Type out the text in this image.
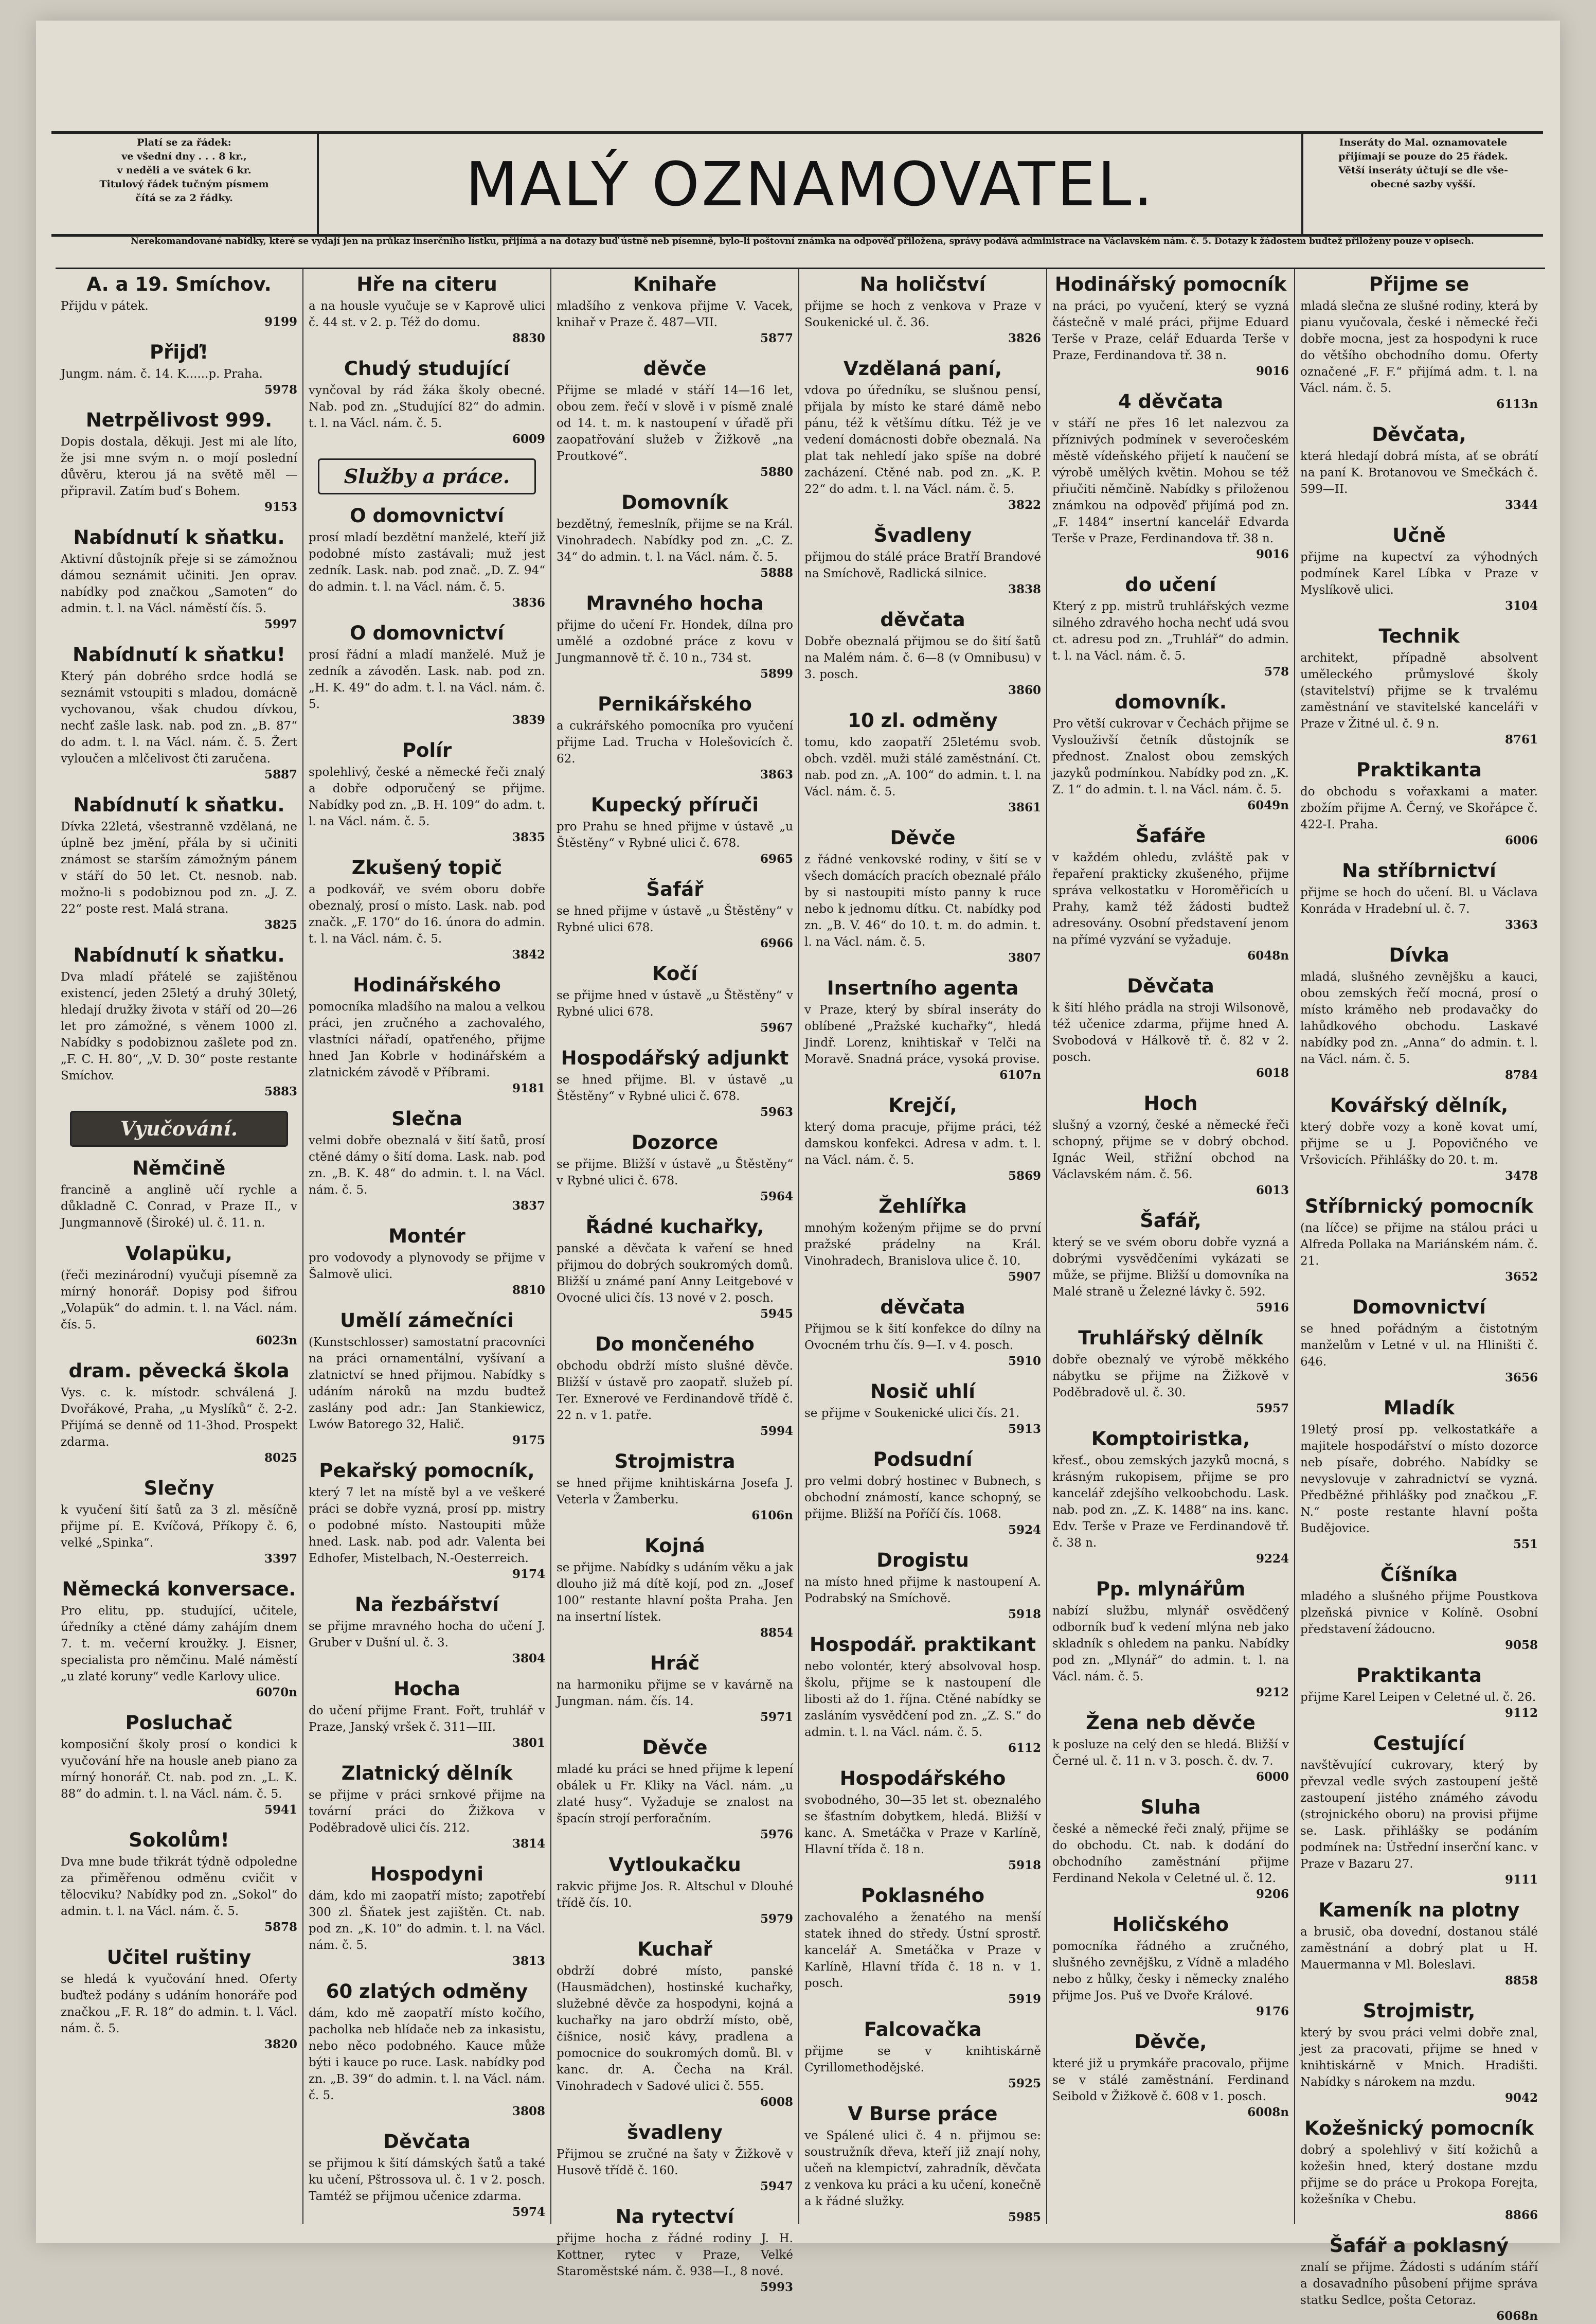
Platí se za řádek:
ve všední dny . . . 8 kr.,
v neděli a ve svátek 6 kr.
Titulový řádek tučným písmem
čítá se za 2 řádky.	MALÝ OZNAMOVATEL.
Inseráty do Mal. oznamovatele
přijímají se pouze do 25 řádek.
Větší inseráty účtují se dle vše-
obecné sazby vyšší.
Nerekomandované nabídky, které se vydají jen na průkaz inserčního lístku, přijímá a na dotazy buď ústně neb písemně, bylo-li poštovní známka na odpověď přiložena, správy podává administrace na Václavském nám. č. 5. Dotazy k žádostem budtež přiloženy pouze v opisech.
A. a 19. Smíchov.
Přijdu v pátek.
9199
Přijď!
Jungm. nám. č. 14. K......p. Praha.
5978
Netrpělivost 999.
Dopis dostala, děkuji. Jest mi ale líto, že jsi mne svým n. o mojí poslední důvěru, kterou já na světě měl — připravil. Zatím buď s Bohem.
9153
Nabídnutí k sňatku.
Aktivní důstojník přeje si se zámožnou dámou seznámit učiniti. Jen oprav. nabídky pod značkou „Samoten“ do admin. t. l. na Václ. náměstí čís. 5.
5997
Nabídnutí k sňatku!
Který pán dobrého srdce hodlá se seznámit vstoupiti s mladou, domácně vychovanou, však chudou dívkou, nechť zašle lask. nab. pod zn. „B. 87“ do adm. t. l. na Václ. nám. č. 5. Žert vyloučen a mlčelivost čti zaručena.
5887
Nabídnutí k sňatku.
Dívka 22letá, všestranně vzdělaná, ne úplně bez jmění, přála by si učiniti známost se starším zámožným pánem v stáří do 50 let. Ct. nesnob. nab. možno-li s podobiznou pod zn. „J. Z. 22“ poste rest. Malá strana.
3825
Nabídnutí k sňatku.
Dva mladí přátelé se zajištěnou existencí, jeden 25letý a druhý 30letý, hledají družky života v stáří od 20—26 let pro zámožné, s věnem 1000 zl. Nabídky s podobiznou zašlete pod zn. „F. C. H. 80“, „V. D. 30“ poste restante Smíchov.
5883
Vyučování.
Němčině
francině a anglině učí rychle a důkladně C. Conrad, v Praze II., v Jungmannově (Široké) ul. č. 11. n.
Volapüku,
(řeči mezinárodní) vyučuji písemně za mírný honorář. Dopisy pod šifrou „Volapük“ do admin. t. l. na Václ. nám. čís. 5.
6023n
dram. pěvecká škola
Vys. c. k. místodr. schválená J. Dvořákové, Praha, „u Myslíků“ č. 2-2. Přijímá se denně od 11-3hod. Prospekt zdarma.
8025
Slečny
k vyučení šití šatů za 3 zl. měsíčně přijme pí. E. Kvíčová, Příkopy č. 6, velké „Spinka“.
3397
Německá konversace.
Pro elitu, pp. studující, učitele, úředníky a ctěné dámy zahájím dnem 7. t. m. večerní kroužky. J. Eisner, specialista pro němčinu. Malé náměstí „u zlaté koruny“ vedle Karlovy ulice.
6070n
Posluchač
komposiční školy prosí o kondici k vyučování hře na housle aneb piano za mírný honorář. Ct. nab. pod zn. „L. K. 88“ do admin. t. l. na Václ. nám. č. 5.
5941
Sokolům!
Dva mne bude třikrát týdně odpoledne za přiměřenou odměnu cvičit v tělocviku? Nabídky pod zn. „Sokol“ do admin. t. l. na Václ. nám. č. 5.
5878
Učitel ruštiny
se hledá k vyučování hned. Oferty buďtež podány s udáním honoráře pod značkou „F. R. 18“ do admin. t. l. Václ. nám. č. 5.
3820
Hře na citeru
a na housle vyučuje se v Kaprově ulici č. 44 st. v 2. p. Též do domu.
8830
Chudý studující
vynčoval by rád žáka školy obecné. Nab. pod zn. „Studující 82“ do admin. t. l. na Václ. nám. č. 5.
6009
Služby a práce.
O domovnictví
prosí mladí bezdětní manželé, kteří již podobné místo zastávali; muž jest zedník. Lask. nab. pod znač. „D. Z. 94“ do admin. t. l. na Václ. nám. č. 5.
3836
O domovnictví
prosí řádní a mladí manželé. Muž je zedník a závoděn. Lask. nab. pod zn. „H. K. 49“ do adm. t. l. na Václ. nám. č. 5.
3839
Polír
spolehlivý, české a německé řeči znalý a dobře odporučený se přijme. Nabídky pod zn. „B. H. 109“ do adm. t. l. na Václ. nám. č. 5.
3835
Zkušený topič
a podkovář, ve svém oboru dobře obeznalý, prosí o místo. Lask. nab. pod značk. „F. 170“ do 16. února do admin. t. l. na Václ. nám. č. 5.
3842
Hodinářského
pomocníka mladšího na malou a velkou práci, jen zručného a zachovalého, vlastníci nářadí, opatřeného, přijme hned Jan Kobrle v hodinářském a zlatnickém závodě v Příbrami.
9181
Slečna
velmi dobře obeznalá v šití šatů, prosí ctěné dámy o šití doma. Lask. nab. pod zn. „B. K. 48“ do admin. t. l. na Václ. nám. č. 5.
3837
Montér
pro vodovody a plynovody se přijme v Šalmově ulici.
8810
Umělí zámečníci
(Kunstschlosser) samostatní pracovníci na práci ornamentální, vyšívaní a zlatnictví se hned přijmou. Nabídky s udáním nároků na mzdu budtež zaslány pod adr.: Jan Stankiewicz, Lwów Batorego 32, Halič.
9175
Pekařský pomocník,
který 7 let na místě byl a ve veškeré práci se dobře vyzná, prosí pp. mistry o podobné místo. Nastoupiti může hned. Lask. nab. pod adr. Valenta bei Edhofer, Mistelbach, N.-Oesterreich.
9174
Na řezbářství
se přijme mravného hocha do učení J. Gruber v Dušní ul. č. 3.
3804
Hocha
do učení přijme Frant. Fořt, truhlář v Praze, Janský vršek č. 311—III.
3801
Zlatnický dělník
se přijme v práci srnkové přijme na tovární práci do Žižkova v Poděbradově ulici čís. 212.
3814
Hospodyni
dám, kdo mi zaopatří místo; zapotřebí 300 zl. Šňatek jest zajištěn. Ct. nab. pod zn. „K. 10“ do admin. t. l. na Václ. nám. č. 5.
3813
60 zlatých odměny
dám, kdo mě zaopatří místo kočího, pacholka neb hlídače neb za inkasistu, nebo něco podobného. Kauce může býti i kauce po ruce. Lask. nabídky pod zn. „B. 39“ do admin. t. l. na Václ. nám. č. 5.
3808
Děvčata
se přijmou k šití dámských šatů a také ku učení, Pštrossova ul. č. 1 v 2. posch. Tamtéž se přijmou učenice zdarma.
5974
Knihaře
mladšího z venkova přijme V. Vacek, knihař v Praze č. 487—VII.
5877
děvče
Přijme se mladé v stáří 14—16 let, obou zem. řečí v slově i v písmě znalé od 14. t. m. k nastoupení v úřadě při zaopatřování služeb v Žižkově „na Proutkové“.
5880
Domovník
bezdětný, řemeslník, přijme se na Král. Vinohradech. Nabídky pod zn. „C. Z. 34“ do admin. t. l. na Václ. nám. č. 5.
5888
Mravného hocha
přijme do učení Fr. Hondek, dílna pro umělé a ozdobné práce z kovu v Jungmannově tř. č. 10 n., 734 st.
5899
Pernikářského
a cukrářského pomocníka pro vyučení přijme Lad. Trucha v Holešovicích č. 62.
3863
Kupecký příruči
pro Prahu se hned přijme v ústavě „u Štěstěny“ v Rybné ulici č. 678.
6965
Šafář
se hned přijme v ústavě „u Štěstěny“ v Rybné ulici 678.
6966
Kočí
se přijme hned v ústavě „u Štěstěny“ v Rybné ulici 678.
5967
Hospodářský adjunkt
se hned přijme. Bl. v ústavě „u Štěstěny“ v Rybné ulici č. 678.
5963
Dozorce
se přijme. Bližší v ústavě „u Štěstěny“ v Rybné ulici č. 678.
5964
Řádné kuchařky,
panské a děvčata k vaření se hned přijmou do dobrých soukromých domů. Bližší u známé paní Anny Leitgebové v Ovocné ulici čís. 13 nové v 2. posch.
5945
Do mončeného
obchodu obdrží místo slušné děvče. Bližší v ústavě pro zaopatř. služeb pí. Ter. Exnerové ve Ferdinandově třídě č. 22 n. v 1. patře.
5994
Strojmistra
se hned přijme knihtiskárna Josefa J. Veterla v Žamberku.
6106n
Kojná
se přijme. Nabídky s udáním věku a jak dlouho již má dítě kojí, pod zn. „Josef 100“ restante hlavní pošta Praha. Jen na insertní lístek.
8854
Hráč
na harmoniku přijme se v kavárně na Jungman. nám. čís. 14.
5971
Děvče
mladé ku práci se hned přijme k lepení obálek u Fr. Kliky na Václ. nám. „u zlaté husy“. Vyžaduje se znalost na špacín strojí perforačním.
5976
Vytloukačku
rakvic přijme Jos. R. Altschul v Dlouhé třídě čís. 10.
5979
Kuchař
obdrží dobré místo, panské (Hausmädchen), hostinské kuchařky, služebné děvče za hospodyni, kojná a kuchařky na jaro obdrží místo, obě, číšnice, nosič kávy, pradlena a pomocnice do soukromých domů. Bl. v kanc. dr. A. Čecha na Král. Vinohradech v Sadové ulici č. 555.
6008
švadleny
Přijmou se zručné na šaty v Žižkově v Husově třídě č. 160.
5947
Na rytectví
přijme hocha z řádné rodiny J. H. Kottner, rytec v Praze, Velké Staroměstské nám. č. 938—I., 8 nové.
5993
Na holičství
přijme se hoch z venkova v Praze v Soukenické ul. č. 36.
3826
Vzdělaná paní,
vdova po úředníku, se slušnou pensí, přijala by místo ke staré dámě nebo pánu, též k většímu dítku. Též je ve vedení domácnosti dobře obeznalá. Na plat tak nehledí jako spíše na dobré zacházení. Ctěné nab. pod zn. „K. P. 22“ do adm. t. l. na Václ. nám. č. 5.
3822
Švadleny
přijmou do stálé práce Bratří Brandové na Smíchově, Radlická silnice.
3838
děvčata
Dobře obeznalá přijmou se do šití šatů na Malém nám. č. 6—8 (v Omnibusu) v 3. posch.
3860
10 zl. odměny
tomu, kdo zaopatří 25letému svob. obch. vzděl. muži stálé zaměstnání. Ct. nab. pod zn. „A. 100“ do admin. t. l. na Václ. nám. č. 5.
3861
Děvče
z řádné venkovské rodiny, v šití se v všech domácích pracích obeznalé přálo by si nastoupiti místo panny k ruce nebo k jednomu dítku. Ct. nabídky pod zn. „B. V. 46“ do 10. t. m. do admin. t. l. na Václ. nám. č. 5.
3807
Insertního agenta
v Praze, který by sbíral inseráty do oblíbené „Pražské kuchařky“, hledá Jindř. Lorenz, knihtiskař v Telči na Moravě. Snadná práce, vysoká provise.
6107n
Krejčí,
který doma pracuje, přijme práci, též damskou konfekci. Adresa v adm. t. l. na Václ. nám. č. 5.
5869
Žehlířka
mnohým koženým přijme se do první pražské prádelny na Král. Vinohradech, Branislova ulice č. 10.
5907
děvčata
Přijmou se k šití konfekce do dílny na Ovocném trhu čís. 9—I. v 4. posch.
5910
Nosič uhlí
se přijme v Soukenické ulici čís. 21.
5913
Podsudní
pro velmi dobrý hostinec v Bubnech, s obchodní známostí, kance schopný, se přijme. Bližší na Poříčí čís. 1068.
5924
Drogistu
na místo hned přijme k nastoupení A. Podrabský na Smíchově.
5918
Hospodář. praktikant
nebo volontér, který absolvoval hosp. školu, přijme se k nastoupení dle libosti až do 1. října. Ctěné nabídky se zasláním vysvědčení pod zn. „Z. S.“ do admin. t. l. na Václ. nám. č. 5.
6112
Hospodářského
svobodného, 30—35 let st. obeznalého se šťastním dobytkem, hledá. Bližší v kanc. A. Smetáčka v Praze v Karlíně, Hlavní třída č. 18 n.
5918
Poklasného
zachovalého a ženatého na menší statek ihned do středy. Ústní sprostř. kancelář A. Smetáčka v Praze v Karlíně, Hlavní třída č. 18 n. v 1. posch.
5919
Falcovačka
přijme se v knihtiskárně Cyrillomethodějské.
5925
V Burse práce
ve Spálené ulici č. 4 n. přijmou se: soustružník dřeva, kteří již znají nohy, učeň na klempictví, zahradník, děvčata z venkova ku práci a ku učení, konečně a k řádné služky.
5985
Hodinářský pomocník
na práci, po vyučení, který se vyzná částečně v malé práci, přijme Eduard Terše v Praze, celář Eduarda Terše v Praze, Ferdinandova tř. 38 n.
9016
4 děvčata
v stáří ne přes 16 let nalezvou za příznivých podmínek v severočeském městě vídeňského přijetí k naučení se výrobě umělých květin. Mohou se též přiučiti němčině. Nabídky s přiloženou známkou na odpověď přijímá pod zn. „F. 1484“ insertní kancelář Edvarda Terše v Praze, Ferdinandova tř. 38 n.
9016
do učení
Který z pp. mistrů truhlářských vezme silného zdravého hocha nechť udá svou ct. adresu pod zn. „Truhlář“ do admin. t. l. na Václ. nám. č. 5.
578
domovník.
Pro větší cukrovar v Čechách přijme se Vyslouživší četník důstojník se přednost. Znalost obou zemských jazyků podmínkou. Nabídky pod zn. „K. Z. 1“ do admin. t. l. na Václ. nám. č. 5.
6049n
Šafáře
v každém ohledu, zvláště pak v řepaření prakticky zkušeného, přijme správa velkostatku v Horoměřicích u Prahy, kamž též žádosti budtež adresovány. Osobní představení jenom na přímé vyzvání se vyžaduje.
6048n
Děvčata
k šití hlého prádla na stroji Wilsonově, též učenice zdarma, přijme hned A. Svobodová v Hálkově tř. č. 82 v 2. posch.
6018
Hoch
slušný a vzorný, české a německé řeči schopný, přijme se v dobrý obchod. Ignác Weil, střižní obchod na Václavském nám. č. 56.
6013
Šafář,
který se ve svém oboru dobře vyzná a dobrými vysvědčeními vykázati se může, se přijme. Bližší u domovníka na Malé straně u Železné lávky č. 592.
5916
Truhlářský dělník
dobře obeznalý ve výrobě měkkého nábytku se přijme na Žižkově v Poděbradově ul. č. 30.
5957
Komptoiristka,
křesť., obou zemských jazyků mocná, s krásným rukopisem, přijme se pro kancelář zdejšího velkoobchodu. Lask. nab. pod zn. „Z. K. 1488“ na ins. kanc. Edv. Terše v Praze ve Ferdinandově tř. č. 38 n.
9224
Pp. mlynářům
nabízí službu, mlynář osvědčený odborník buď k vedení mlýna neb jako skladník s ohledem na panku. Nabídky pod zn. „Mlynář“ do admin. t. l. na Václ. nám. č. 5.
9212
Žena neb děvče
k posluze na celý den se hledá. Bližší v Černé ul. č. 11 n. v 3. posch. č. dv. 7.
6000
Sluha
české a německé řeči znalý, přijme se do obchodu. Ct. nab. k dodání do obchodního zaměstnání přijme Ferdinand Nekola v Celetné ul. č. 12.
9206
Holičského
pomocníka řádného a zručného, slušného zevnějšku, z Vídně a mladého nebo z hůlky, česky i německy znalého přijme Jos. Puš ve Dvoře Králové.
9176
Děvče,
které již u prymkáře pracovalo, přijme se v stálé zaměstnání. Ferdinand Seibold v Žižkově č. 608 v 1. posch.
6008n
Přijme se
mladá slečna ze slušné rodiny, která by pianu vyučovala, české i německé řeči dobře mocna, jest za hospodyni k ruce do většího obchodního domu. Oferty označené „F. F.“ přijímá adm. t. l. na Václ. nám. č. 5.
6113n
Děvčata,
která hledají dobrá místa, ať se obrátí na paní K. Brotanovou ve Smečkách č. 599—II.
3344
Učně
přijme na kupectví za výhodných podmínek Karel Líbka v Praze v Myslíkově ulici.
3104
Technik
architekt, případně absolvent uměleckého průmyslové školy (stavitelství) přijme se k trvalému zaměstnání ve stavitelské kanceláři v Praze v Žitné ul. č. 9 n.
8761
Praktikanta
do obchodu s vořaxkami a mater. zbožím přijme A. Černý, ve Skořápce č. 422-I. Praha.
6006
Na stříbrnictví
přijme se hoch do učení. Bl. u Václava Konráda v Hradební ul. č. 7.
3363
Dívka
mladá, slušného zevnějšku a kauci, obou zemských řečí mocná, prosí o místo kráměho neb prodavačky do lahůdkového obchodu. Laskavé nabídky pod zn. „Anna“ do admin. t. l. na Václ. nám. č. 5.
8784
Kovářský dělník,
který dobře vozy a koně kovat umí, přijme se u J. Popovičného ve Vršovicích. Přihlášky do 20. t. m.
3478
Stříbrnický pomocník
(na líčce) se přijme na stálou práci u Alfreda Pollaka na Mariánském nám. č. 21.
3652
Domovnictví
se hned pořádným a čistotným manželům v Letné v ul. na Hliništi č. 646.
3656
Mladík
19letý prosí pp. velkostatkáře a majitele hospodářství o místo dozorce neb písaře, dobrého. Nabídky se nevyslovuje v zahradnictví se vyzná. Předběžné přihlášky pod značkou „F. N.“ poste restante hlavní pošta Budějovice.
551
Číšníka
mladého a slušného přijme Poustkova plzeňská pivnice v Kolíně. Osobní představení žádoucno.
9058
Praktikanta
přijme Karel Leipen v Celetné ul. č. 26.
9112
Cestující
navštěvující cukrovary, který by převzal vedle svých zastoupení ještě zastoupení jistého známého závodu (strojnického oboru) na provisi přijme se. Lask. přihlášky se podáním podmínek na: Ústřední inserční kanc. v Praze v Bazaru 27.
9111
Kameník na plotny
a brusič, oba dovední, dostanou stálé zaměstnání a dobrý plat u H. Mauermanna v Ml. Boleslavi.
8858
Strojmistr,
který by svou práci velmi dobře znal, jest za pracovati, přijme se hned v knihtiskárně v Mnich. Hradišti. Nabídky s nárokem na mzdu.
9042
Kožešnický pomocník
dobrý a spolehlivý v šití kožichů a kožešin hned, který dostane mzdu přijme se do práce u Prokopa Forejta, kožešníka v Chebu.
8866
Šafář a poklasný
znalí se přijme. Žádosti s udáním stáří a dosavadního působení přijme správa statku Sedlce, pošta Cetoraz.
6068n
